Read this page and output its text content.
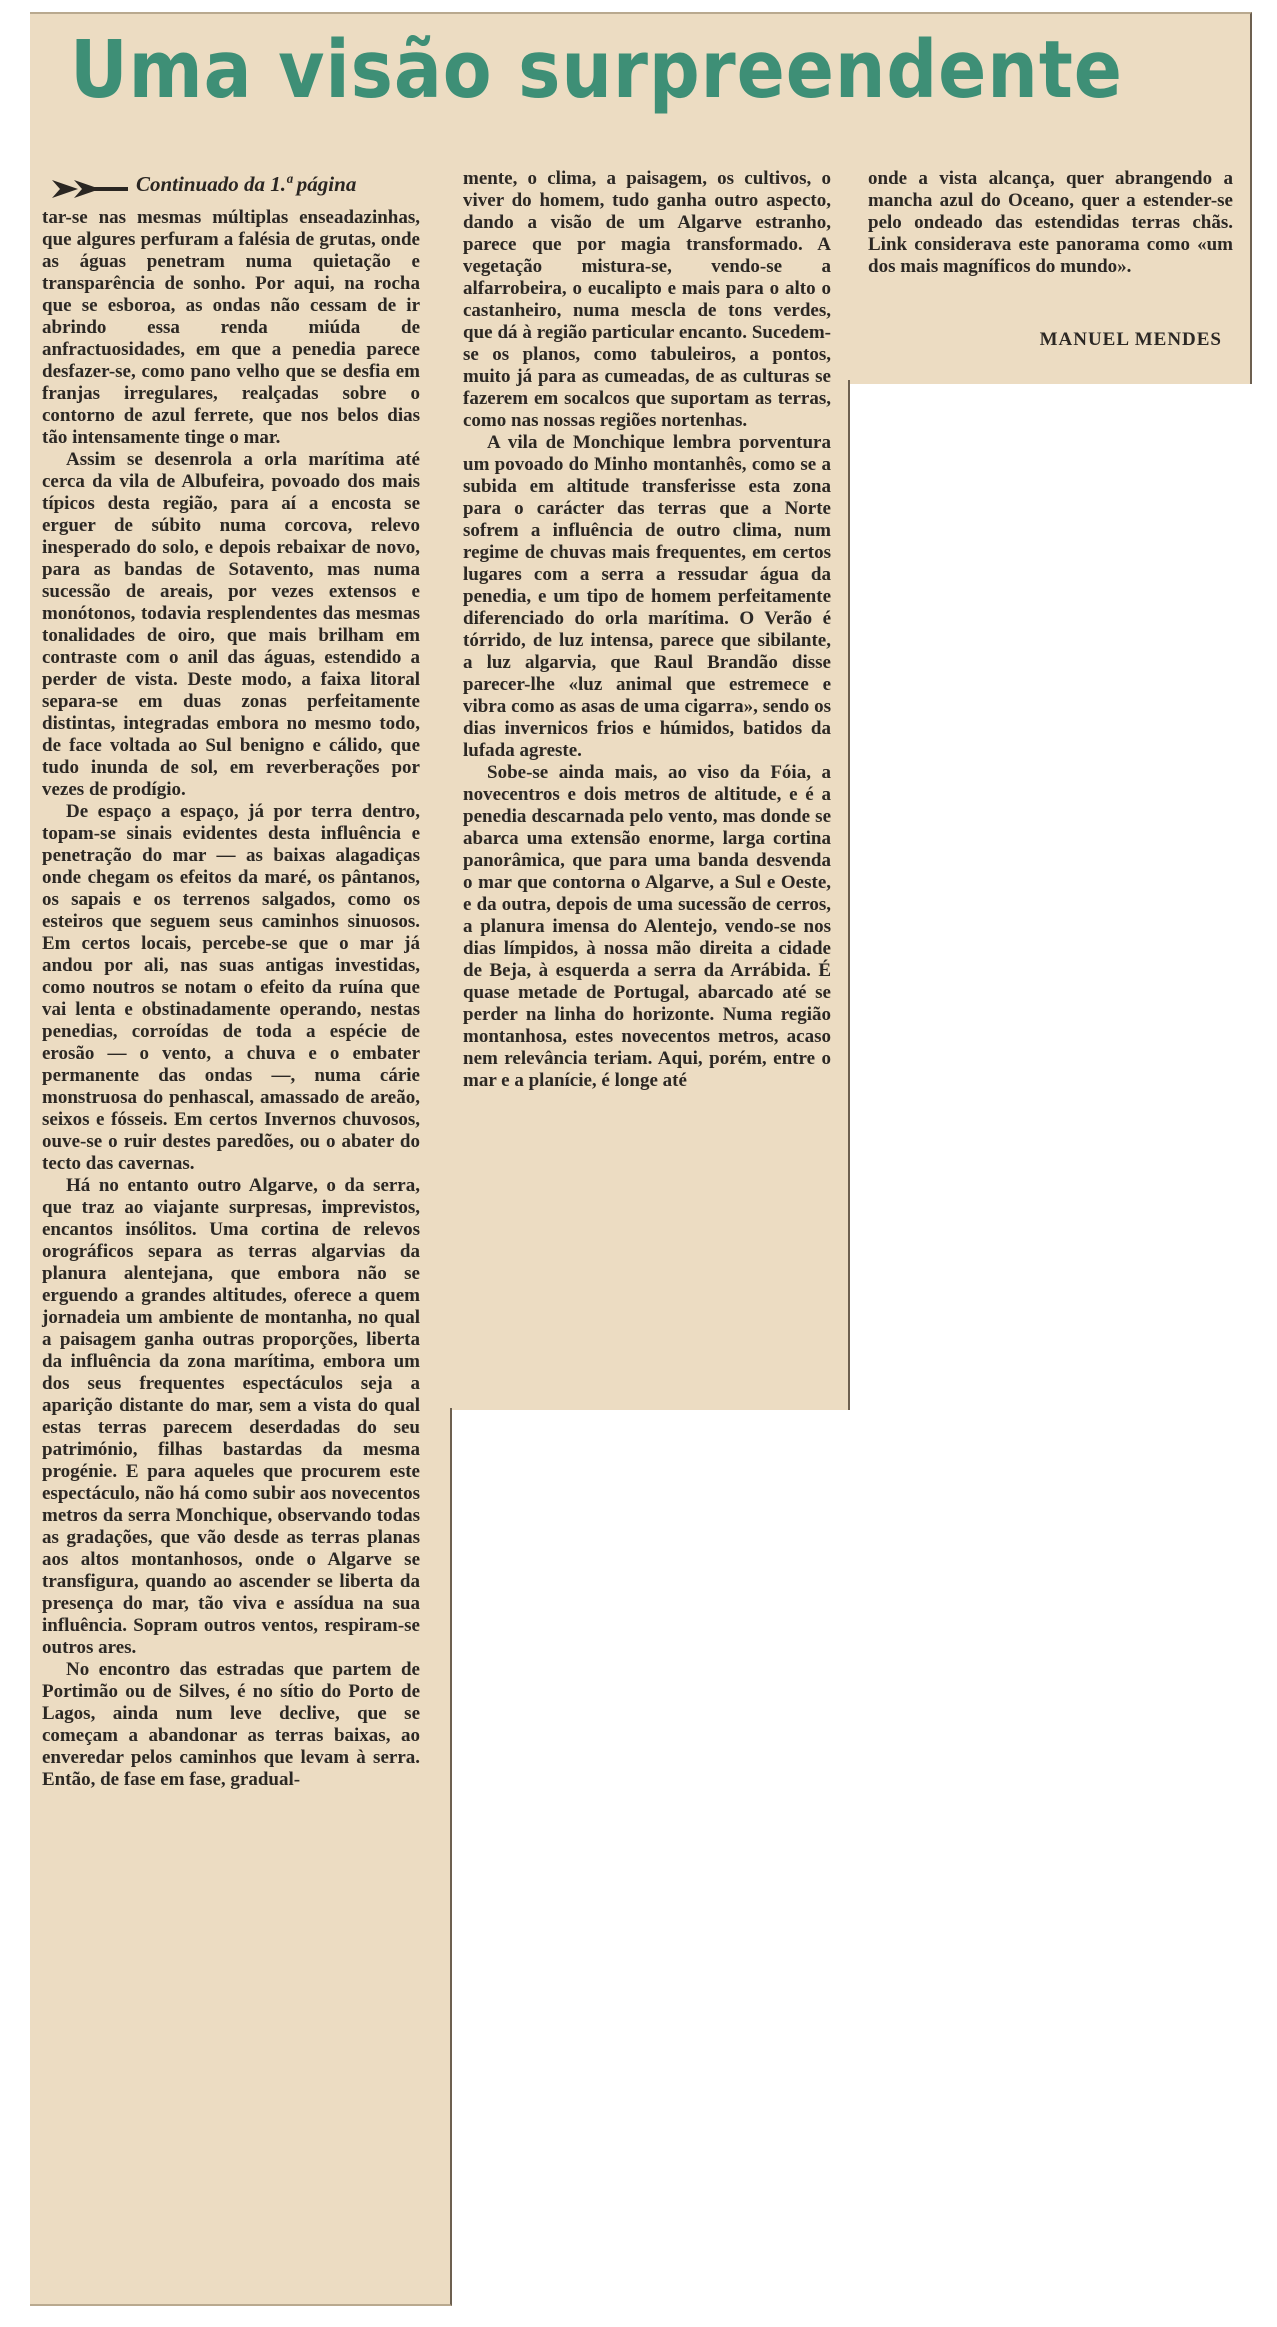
Uma visão surpreendente
Continuado da 1.ª página

tar-se nas mesmas múltiplas enseadazinhas, que algures perfuram a falésia de grutas, onde as águas penetram numa quietação e transparência de sonho. Por aqui, na rocha que se esboroa, as ondas não cessam de ir abrindo essa renda miúda de anfractuosidades, em que a penedia parece desfazer-se, como pano velho que se desfia em franjas irregulares, realçadas sobre o contorno de azul ferrete, que nos belos dias tão intensamente tinge o mar.

Assim se desenrola a orla marítima até cerca da vila de Albufeira, povoado dos mais típicos desta região, para aí a encosta se erguer de súbito numa corcova, relevo inesperado do solo, e depois rebaixar de novo, para as bandas de Sotavento, mas numa sucessão de areais, por vezes extensos e monótonos, todavia resplendentes das mesmas tonalidades de oiro, que mais brilham em contraste com o anil das águas, estendido a perder de vista. Deste modo, a faixa litoral separa-se em duas zonas perfeitamente distintas, integradas embora no mesmo todo, de face voltada ao Sul benigno e cálido, que tudo inunda de sol, em reverberações por vezes de prodígio.

De espaço a espaço, já por terra dentro, topam-se sinais evidentes desta influência e penetração do mar — as baixas alagadiças onde chegam os efeitos da maré, os pântanos, os sapais e os terrenos salgados, como os esteiros que seguem seus caminhos sinuosos. Em certos locais, percebe-se que o mar já andou por ali, nas suas antigas investidas, como noutros se notam o efeito da ruína que vai lenta e obstinadamente operando, nestas penedias, corroídas de toda a espécie de erosão — o vento, a chuva e o embater permanente das ondas —, numa cárie monstruosa do penhascal, amassado de areão, seixos e fósseis. Em certos Invernos chuvosos, ouve-se o ruir destes paredões, ou o abater do tecto das cavernas.

Há no entanto outro Algarve, o da serra, que traz ao viajante surpresas, imprevistos, encantos insólitos. Uma cortina de relevos orográficos separa as terras algarvias da planura alentejana, que embora não se erguendo a grandes altitudes, oferece a quem jornadeia um ambiente de montanha, no qual a paisagem ganha outras proporções, liberta da influência da zona marítima, embora um dos seus frequentes espectáculos seja a aparição distante do mar, sem a vista do qual estas terras parecem deserdadas do seu património, filhas bastardas da mesma progénie. E para aqueles que procurem este espectáculo, não há como subir aos novecentos metros da serra Monchique, observando todas as gradações, que vão desde as terras planas aos altos montanhosos, onde o Algarve se transfigura, quando ao ascender se liberta da presença do mar, tão viva e assídua na sua influência. Sopram outros ventos, respiram-se outros ares.

No encontro das estradas que partem de Portimão ou de Silves, é no sítio do Porto de Lagos, ainda num leve declive, que se começam a abandonar as terras baixas, ao enveredar pelos caminhos que levam à serra. Então, de fase em fase, gradual-

mente, o clima, a paisagem, os cultivos, o viver do homem, tudo ganha outro aspecto, dando a visão de um Algarve estranho, parece que por magia transformado. A vegetação mistura-se, vendo-se a alfarrobeira, o eucalipto e mais para o alto o castanheiro, numa mescla de tons verdes, que dá à região particular encanto. Sucedem-se os planos, como tabuleiros, a pontos, muito já para as cumeadas, de as culturas se fazerem em socalcos que suportam as terras, como nas nossas regiões nortenhas.

A vila de Monchique lembra porventura um povoado do Minho montanhês, como se a subida em altitude transferisse esta zona para o carácter das terras que a Norte sofrem a influência de outro clima, num regime de chuvas mais frequentes, em certos lugares com a serra a ressudar água da penedia, e um tipo de homem perfeitamente diferenciado do orla marítima. O Verão é tórrido, de luz intensa, parece que sibilante, a luz algarvia, que Raul Brandão disse parecer-lhe «luz animal que estremece e vibra como as asas de uma cigarra», sendo os dias invernicos frios e húmidos, batidos da lufada agreste.

Sobe-se ainda mais, ao viso da Fóia, a novecentros e dois metros de altitude, e é a penedia descarnada pelo vento, mas donde se abarca uma extensão enorme, larga cortina panorâmica, que para uma banda desvenda o mar que contorna o Algarve, a Sul e Oeste, e da outra, depois de uma sucessão de cerros, a planura imensa do Alentejo, vendo-se nos dias límpidos, à nossa mão direita a cidade de Beja, à esquerda a serra da Arrábida. É quase metade de Portugal, abarcado até se perder na linha do horizonte. Numa região montanhosa, estes novecentos metros, acaso nem relevância teriam. Aqui, porém, entre o mar e a planície, é longe até

onde a vista alcança, quer abrangendo a mancha azul do Oceano, quer a estender-se pelo ondeado das estendidas terras chãs. Link considerava este panorama como «um dos mais magníficos do mundo».

MANUEL MENDES
